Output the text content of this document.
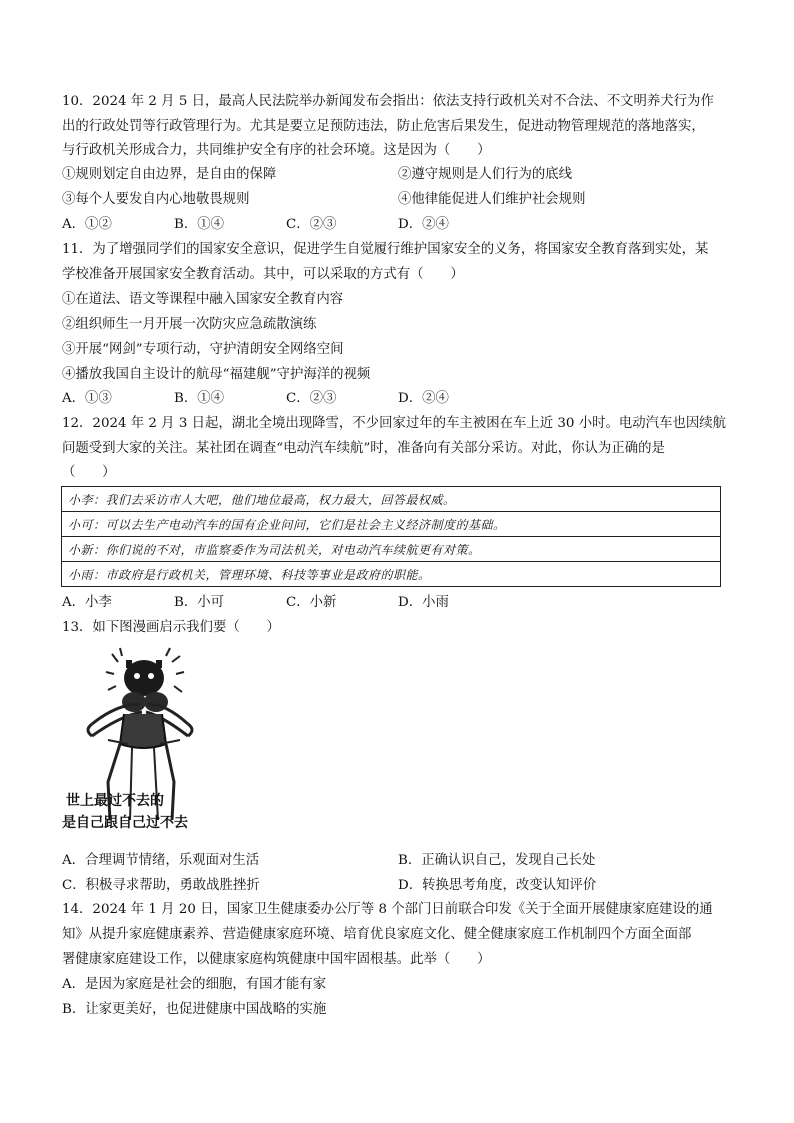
10．2024 年 2 月 5 日，最高人民法院举办新闻发布会指出：依法支持行政机关对不合法、不文明养犬行为作
出的行政处罚等行政管理行为。尤其是要立足预防违法，防止危害后果发生，促进动物管理规范的落地落实，
与行政机关形成合力，共同维护安全有序的社会环境。这是因为（　　）
①规则划定自由边界，是自由的保障	②遵守规则是人们行为的底线
③每个人要发自内心地敬畏规则	④他律能促进人们维护社会规则
A．①②	B．①④	C．②③	D．②④
11．为了增强同学们的国家安全意识，促进学生自觉履行维护国家安全的义务，将国家安全教育落到实处，某
学校准备开展国家安全教育活动。其中，可以采取的方式有（　　）
①在道法、语文等课程中融入国家安全教育内容
②组织师生一月开展一次防灾应急疏散演练
③开展“网剑”专项行动，守护清朗安全网络空间
④播放我国自主设计的航母“福建舰”守护海洋的视频
A．①③	B．①④	C．②③	D．②④
12．2024 年 2 月 3 日起，湖北全境出现降雪，不少回家过年的车主被困在车上近 30 小时。电动汽车也因续航
问题受到大家的关注。某社团在调查“电动汽车续航”时，准备向有关部分采访。对此，你认为正确的是
（　　）
小李：我们去采访市人大吧，他们地位最高，权力最大，回答最权威。
小可：可以去生产电动汽车的国有企业问问，它们是社会主义经济制度的基础。
小新：你们说的不对，市监察委作为司法机关，对电动汽车续航更有对策。
小雨：市政府是行政机关，管理环境、科技等事业是政府的职能。
A．小李	B．小可	C．小新	D．小雨
13．如下图漫画启示我们要（　　）
世上最过不去的
是自己跟自己过不去
A．合理调节情绪，乐观面对生活	B．正确认识自己，发现自己长处
C．积极寻求帮助，勇敢战胜挫折	D．转换思考角度，改变认知评价
14．2024 年 1 月 20 日，国家卫生健康委办公厅等 8 个部门日前联合印发《关于全面开展健康家庭建设的通
知》从提升家庭健康素养、营造健康家庭环境、培育优良家庭文化、健全健康家庭工作机制四个方面全面部
署健康家庭建设工作，以健康家庭构筑健康中国牢固根基。此举（　　）
A．是因为家庭是社会的细胞，有国才能有家
B．让家更美好，也促进健康中国战略的实施
